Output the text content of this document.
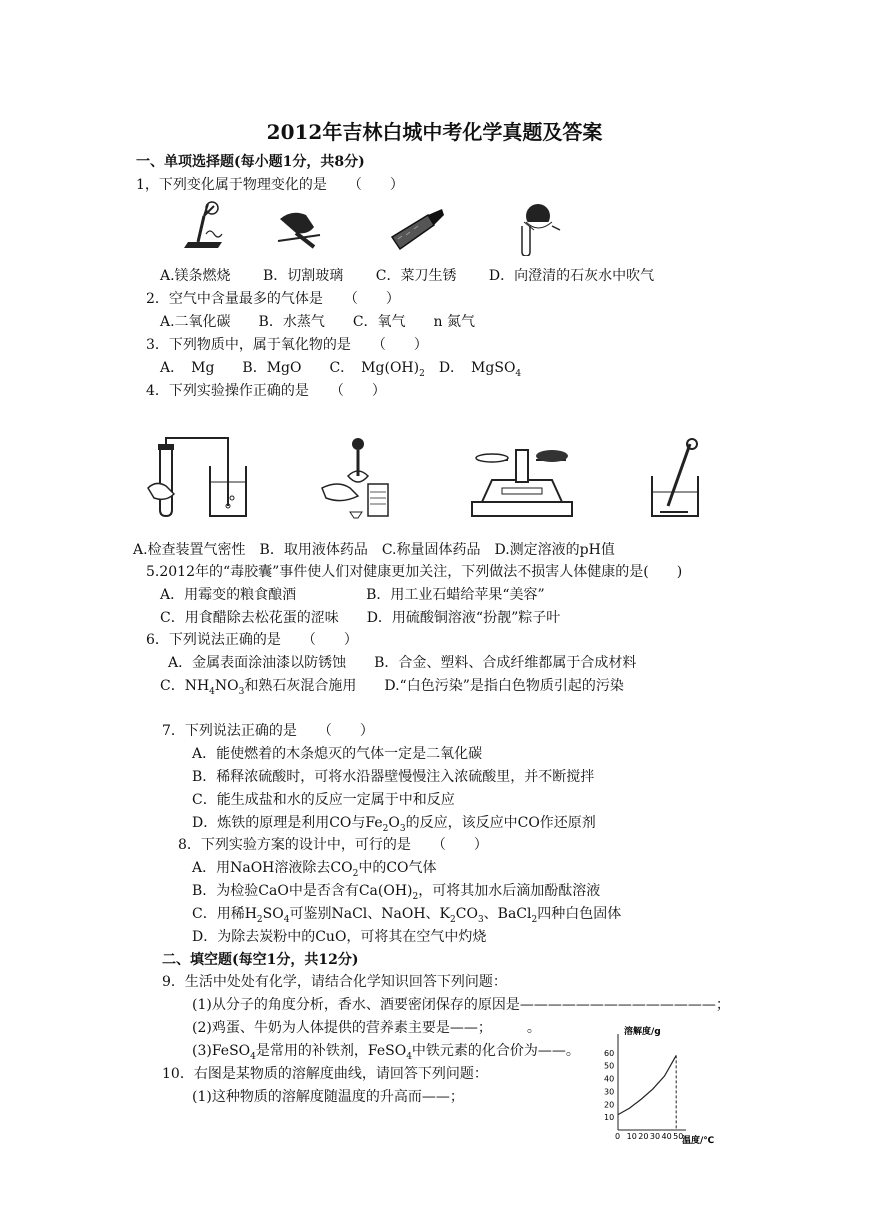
2012年吉林白城中考化学真题及答案
一、单项选择题(每小题1分，共8分)
1，下列变化属于物理变化的是　　（　　）
A.镁条燃烧　　 B．切割玻璃　　 C．菜刀生锈　　 D．向澄清的石灰水中吹气
2．空气中含量最多的气体是　　（　　）
A.二氧化碳　　B．水蒸气　　C．氧气　　n 氮气
3．下列物质中，属于氧化物的是　　（　　）
A．　Mg　　B．MgO　　C．　$Mg(OH)_2$　D．　MgSO$_4$
4．下列实验操作正确的是　　（　　）
A.检查装置气密性　B．取用液体药品　C.称量固体药品　D.测定溶液的pH值
5.2012年的“毒胶囊”事件使人们对健康更加关注，下列做法不损害人体健康的是(　　)
A．用霉变的粮食酿酒　　　　　B．用工业石蜡给苹果“美容”
C．用食醋除去松花蛋的涩味　　D．用硫酸铜溶液“扮靓”粽子叶
6．下列说法正确的是　　（　　）
A．金属表面涂油漆以防锈蚀　　B．合金、塑料、合成纤维都属于合成材料
C．$NH_4NO_3$和熟石灰混合施用　　D.“白色污染”是指白色物质引起的污染
7．下列说法正确的是　　（　　）
A．能使燃着的木条熄灭的气体一定是二氧化碳
B．稀释浓硫酸时，可将水沿器壁慢慢注入浓硫酸里，并不断搅拌
C．能生成盐和水的反应一定属于中和反应
D．炼铁的原理是利用CO与$Fe_2O_3$的反应，该反应中CO作还原剂
8．下列实验方案的设计中，可行的是　　（　　）
A．用NaOH溶液除去$CO_2$中的CO气体
B．为检验CaO中是否含有$Ca(OH)_2$，可将其加水后滴加酚酞溶液
C．用稀$H_2SO_4$可鉴别NaCl、NaOH、$K_2CO_3$、BaCl$_2$四种白色固体
D．为除去炭粉中的CuO，可将其在空气中灼烧
二、填空题(每空1分，共12分)
9．生活中处处有化学，请结合化学知识回答下列问题：
(1)从分子的角度分析，香水、酒要密闭保存的原因是——————————————；
(2)鸡蛋、牛奶为人体提供的营养素主要是——；　　　。
(3)FeSO$_4$是常用的补铁剂，FeSO$_4$中铁元素的化合价为——。
10．右图是某物质的溶解度曲线，请回答下列问题：
(1)这种物质的溶解度随温度的升高而——；
溶解度/g
温度/℃
0 10 20 30 40 50
10
20
30
40
50
60
